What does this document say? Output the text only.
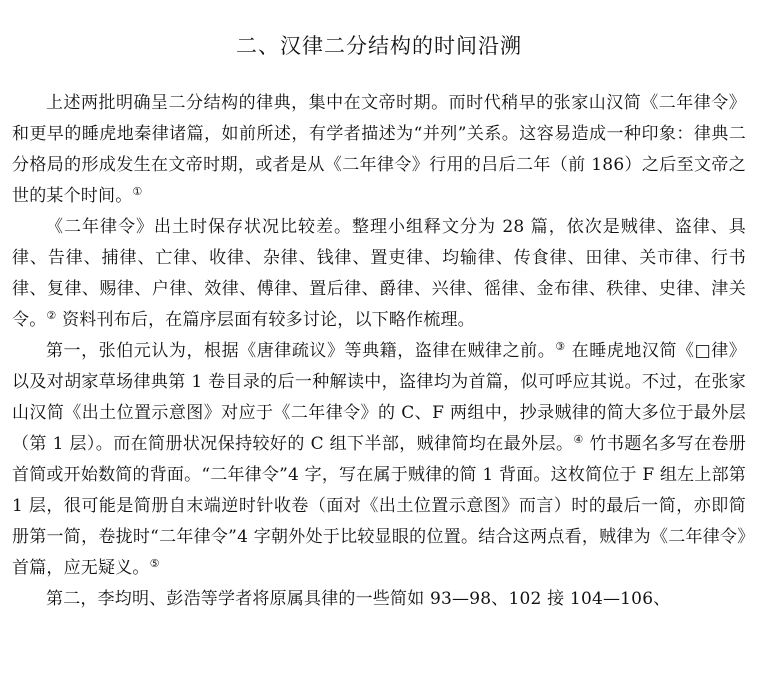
二、汉律二分结构的时间沿溯

上述两批明确呈二分结构的律典，集中在文帝时期。而时代稍早的张家山汉简《二年律令》和更早的睡虎地秦律诸篇，如前所述，有学者描述为“并列”关系。这容易造成一种印象：律典二分格局的形成发生在文帝时期，或者是从《二年律令》行用的吕后二年（前 186）之后至文帝之世的某个时间。①

《二年律令》出土时保存状况比较差。整理小组释文分为 28 篇，依次是贼律、盗律、具律、告律、捕律、亡律、收律、杂律、钱律、置吏律、均输律、传食律、田律、关市律、行书律、复律、赐律、户律、效律、傅律、置后律、爵律、兴律、徭律、金布律、秩律、史律、津关令。② 资料刊布后，在篇序层面有较多讨论，以下略作梳理。

第一，张伯元认为，根据《唐律疏议》等典籍，盗律在贼律之前。③ 在睡虎地汉简《□律》以及对胡家草场律典第 1 卷目录的后一种解读中，盗律均为首篇，似可呼应其说。不过，在张家山汉简《出土位置示意图》对应于《二年律令》的 C、F 两组中，抄录贼律的简大多位于最外层（第 1 层）。而在简册状况保持较好的 C 组下半部，贼律简均在最外层。④ 竹书题名多写在卷册首简或开始数简的背面。“二年律令”4 字，写在属于贼律的简 1 背面。这枚简位于 F 组左上部第 1 层，很可能是简册自末端逆时针收卷（面对《出土位置示意图》而言）时的最后一简，亦即简册第一简，卷拢时“二年律令”4 字朝外处于比较显眼的位置。结合这两点看，贼律为《二年律令》首篇，应无疑义。⑤

第二，李均明、彭浩等学者将原属具律的一些简如 93—98、102 接 104—106、
